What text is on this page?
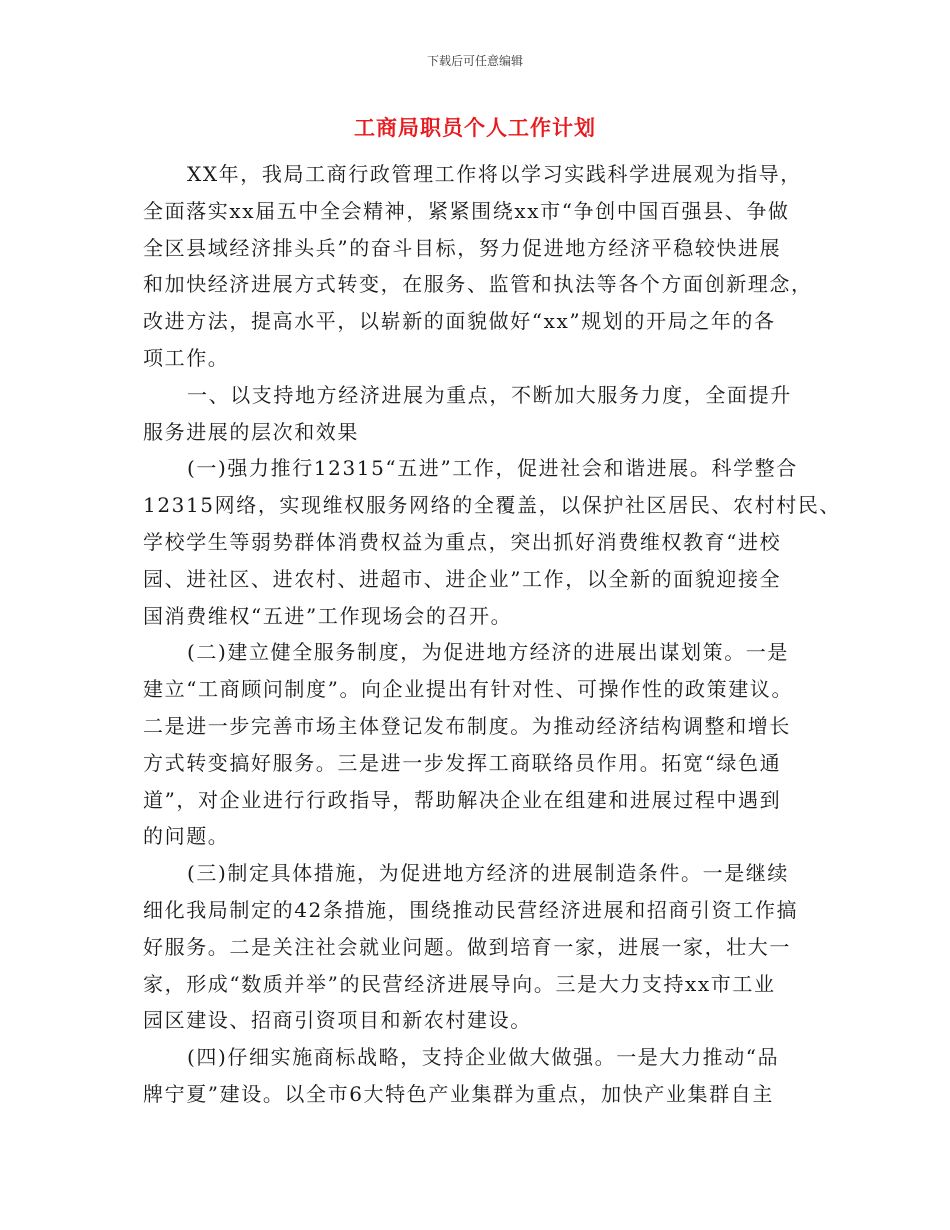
下载后可任意编辑
工商局职员个人工作计划
XX年，我局工商行政管理工作将以学习实践科学进展观为指导，
全面落实xx届五中全会精神，紧紧围绕xx市“争创中国百强县、争做
全区县域经济排头兵”的奋斗目标，努力促进地方经济平稳较快进展
和加快经济进展方式转变，在服务、监管和执法等各个方面创新理念，
改进方法，提高水平，以崭新的面貌做好“xx”规划的开局之年的各
项工作。
一、以支持地方经济进展为重点，不断加大服务力度，全面提升
服务进展的层次和效果
(一)强力推行12315“五进”工作，促进社会和谐进展。科学整合
12315网络，实现维权服务网络的全覆盖，以保护社区居民、农村村民、
学校学生等弱势群体消费权益为重点，突出抓好消费维权教育“进校
园、进社区、进农村、进超市、进企业”工作，以全新的面貌迎接全
国消费维权“五进”工作现场会的召开。
(二)建立健全服务制度，为促进地方经济的进展出谋划策。一是
建立“工商顾问制度”。向企业提出有针对性、可操作性的政策建议。
二是进一步完善市场主体登记发布制度。为推动经济结构调整和增长
方式转变搞好服务。三是进一步发挥工商联络员作用。拓宽“绿色通
道”，对企业进行行政指导，帮助解决企业在组建和进展过程中遇到
的问题。
(三)制定具体措施，为促进地方经济的进展制造条件。一是继续
细化我局制定的42条措施，围绕推动民营经济进展和招商引资工作搞
好服务。二是关注社会就业问题。做到培育一家，进展一家，壮大一
家，形成“数质并举”的民营经济进展导向。三是大力支持xx市工业
园区建设、招商引资项目和新农村建设。
(四)仔细实施商标战略，支持企业做大做强。一是大力推动“品
牌宁夏”建设。以全市6大特色产业集群为重点，加快产业集群自主
